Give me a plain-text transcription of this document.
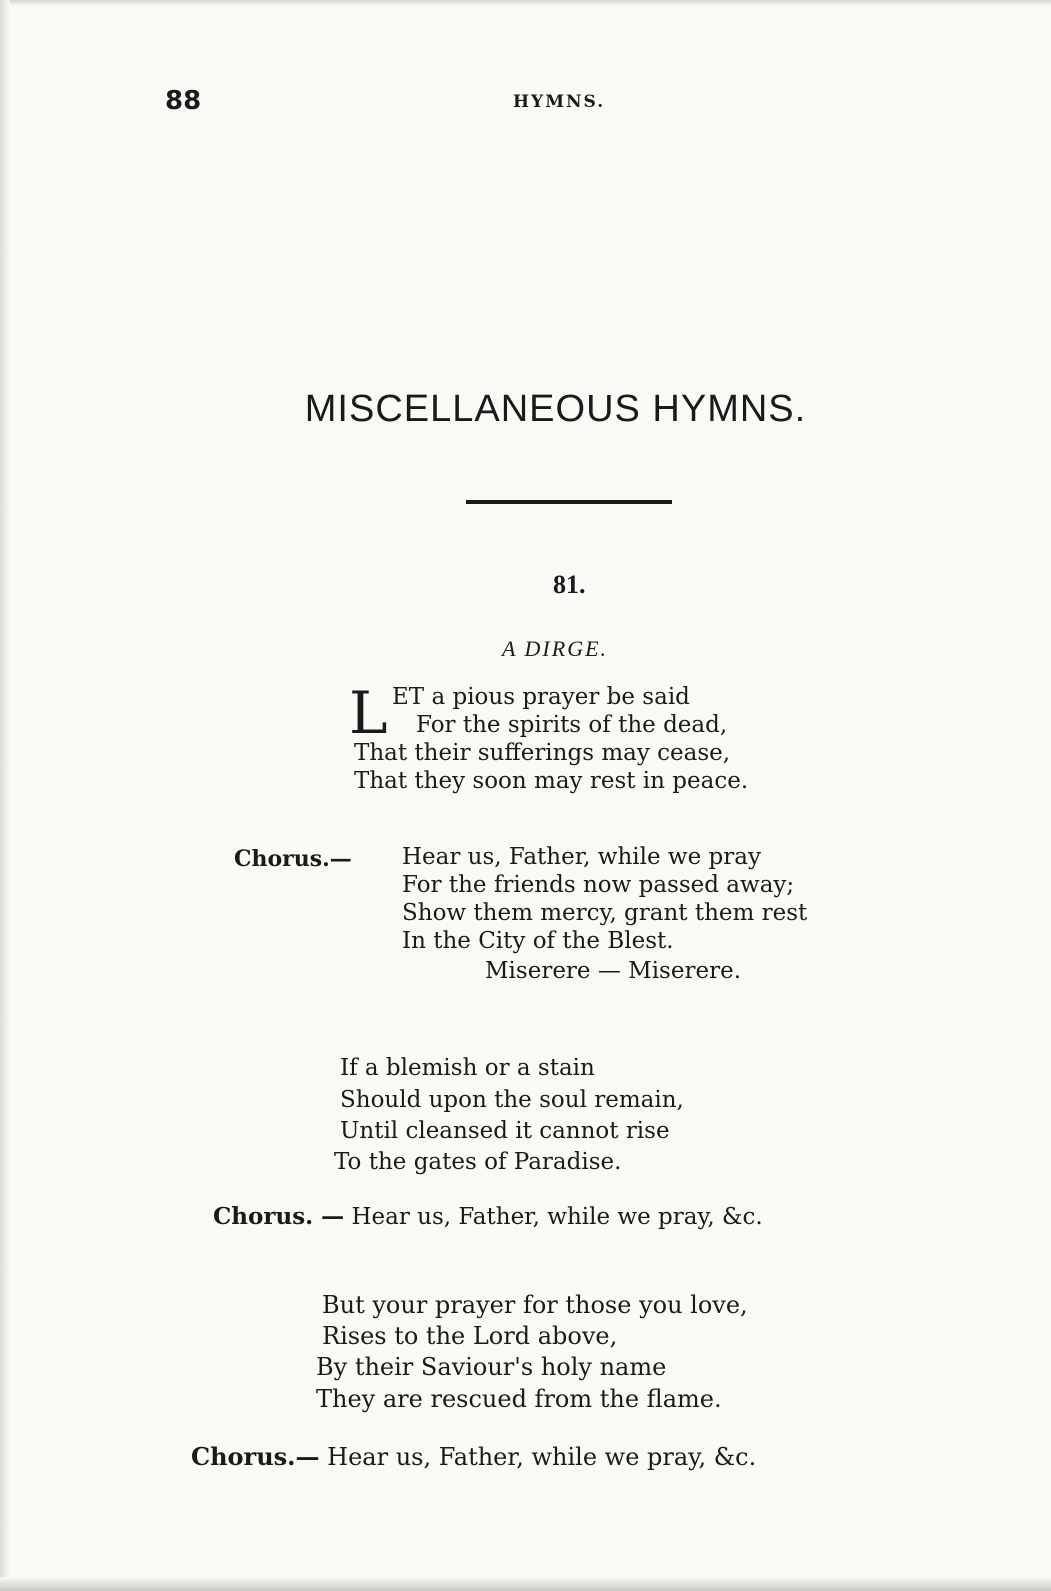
88	HYMNS.
MISCELLANEOUS HYMNS.
81.
A DIRGE.
L ET a pious prayer be said
For the spirits of the dead,
That their sufferings may cease,
That they soon may rest in peace.
Chorus.— Hear us, Father, while we pray
For the friends now passed away;
Show them mercy, grant them rest
In the City of the Blest.
Miserere — Miserere.
If a blemish or a stain
Should upon the soul remain,
Until cleansed it cannot rise
To the gates of Paradise.
Chorus. — Hear us, Father, while we pray, &c.
But your prayer for those you love,
Rises to the Lord above,
By their Saviour's holy name
They are rescued from the flame.
Chorus.— Hear us, Father, while we pray, &c.
